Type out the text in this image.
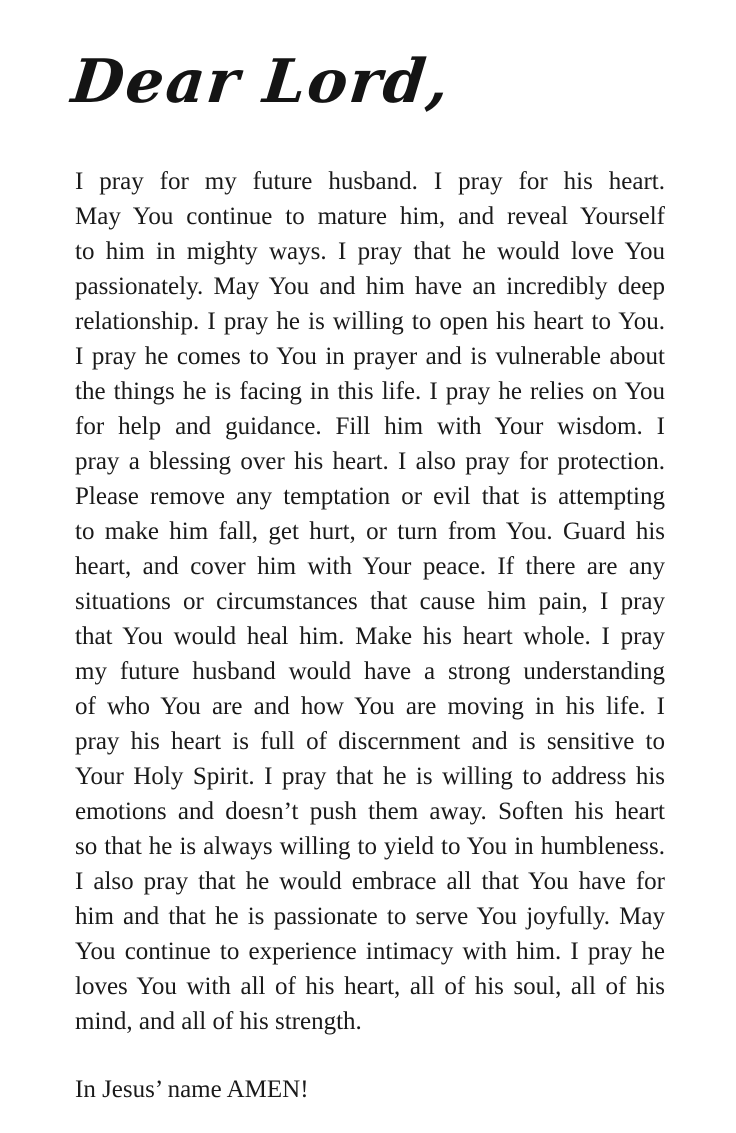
Dear Lord,
I pray for my future husband. I pray for his heart.
May You continue to mature him, and reveal Yourself
to him in mighty ways. I pray that he would love You
passionately. May You and him have an incredibly deep
relationship. I pray he is willing to open his heart to You.
I pray he comes to You in prayer and is vulnerable about
the things he is facing in this life. I pray he relies on You
for help and guidance. Fill him with Your wisdom. I
pray a blessing over his heart. I also pray for protection.
Please remove any temptation or evil that is attempting
to make him fall, get hurt, or turn from You. Guard his
heart, and cover him with Your peace. If there are any
situations or circumstances that cause him pain, I pray
that You would heal him. Make his heart whole. I pray
my future husband would have a strong understanding
of who You are and how You are moving in his life. I
pray his heart is full of discernment and is sensitive to
Your Holy Spirit. I pray that he is willing to address his
emotions and doesn’t push them away. Soften his heart
so that he is always willing to yield to You in humbleness.
I also pray that he would embrace all that You have for
him and that he is passionate to serve You joyfully. May
You continue to experience intimacy with him. I pray he
loves You with all of his heart, all of his soul, all of his
mind, and all of his strength.
In Jesus’ name AMEN!
